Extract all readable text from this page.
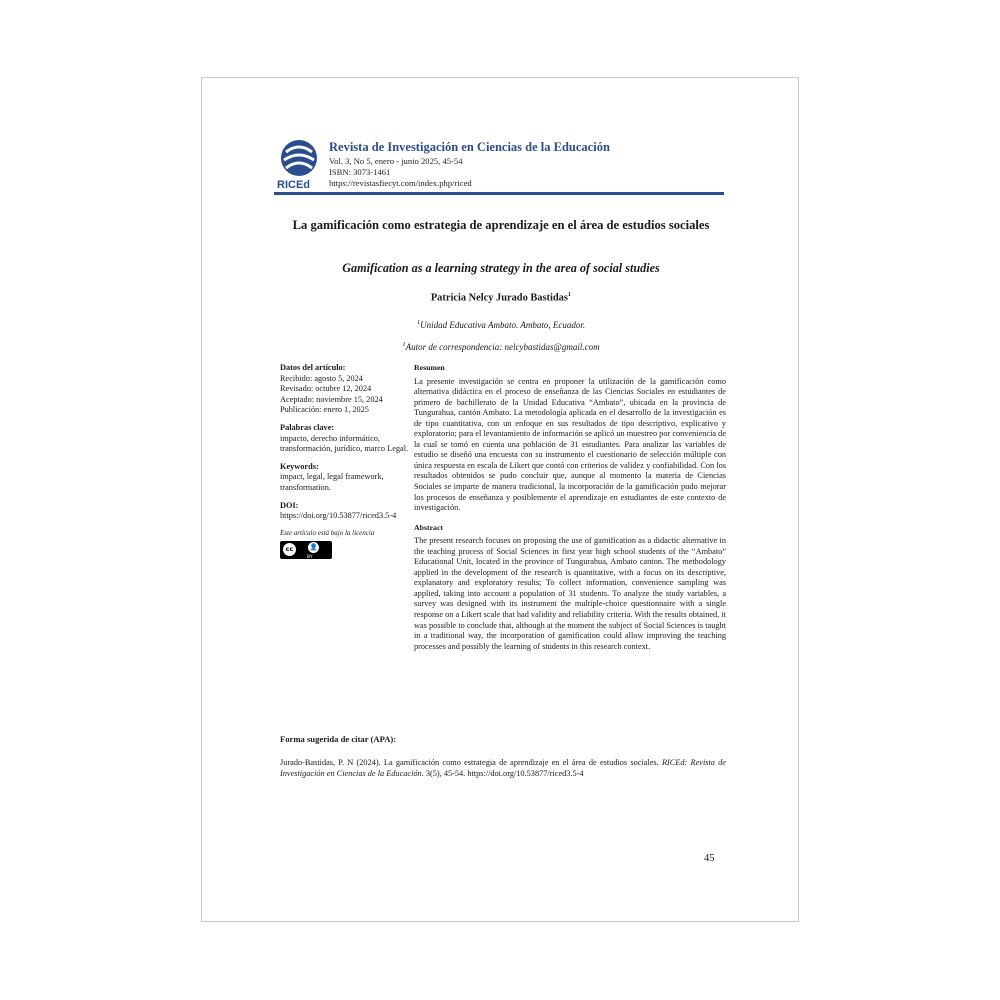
RICEd
Revista de Investigación en Ciencias de la Educación
Vol. 3, No 5, enero - junio 2025, 45-54
ISBN: 3073-1461
https://revistasfiecyt.com/index.php/riced
La gamificación como estrategia de aprendizaje en el área de estudios sociales
Gamification as a learning strategy in the area of social studies
Patricia Nelcy Jurado Bastidas$^1$
$^1$Unidad Educativa Ambato. Ambato, Ecuador.
$^1$Autor de correspondencia: nelcybastidas@gmail.com
Datos del artículo:
Recibido: agosto 5, 2024
Revisado: octubre 12, 2024
Aceptado: noviembre 15, 2024
Publicación: enero 1, 2025
Palabras clave:
impacto, derecho informático, transformación, jurídico, marco Legal.
Keywords:
impact, legal, legal framework, transformation.
DOI:
https://doi.org/10.53877/riced3.5-4
Este artículo está bajo la licencia
cc	👤
BY
Resumen
La presente investigación se centra en proponer la utilización de la gamificación como alternativa didáctica en el proceso de enseñanza de las Ciencias Sociales en estudiantes de primero de bachillerato de la Unidad Educativa “Ambato”, ubicada en la provincia de Tungurahua, cantón Ambato. La metodología aplicada en el desarrollo de la investigación es de tipo cuantitativa, con un enfoque en sus resultados de tipo descriptivo, explicativo y exploratorio; para el levantamiento de información se aplicó un muestreo por conveniencia de la cual se tomó en cuenta una población de 31 estudiantes. Para analizar las variables de estudio se diseñó una encuesta con su instrumento el cuestionario de selección múltiple con única respuesta en escala de Likert que contó con criterios de validez y confiabilidad. Con los resultados obtenidos se pudo concluir que, aunque al momento la materia de Ciencias Sociales se imparte de manera tradicional, la incorporación de la gamificación pudo mejorar los procesos de enseñanza y posiblemente el aprendizaje en estudiantes de este contexto de investigación.
Abstract
The present research focuses on proposing the use of gamification as a didactic alternative in the teaching process of Social Sciences in first year high school students of the “Ambato” Educational Unit, located in the province of Tungurahua, Ambato canton. The methodology applied in the development of the research is quantitative, with a focus on its descriptive, explanatory and exploratory results; To collect information, convenience sampling was applied, taking into account a population of 31 students. To analyze the study variables, a survey was designed with its instrument the multiple-choice questionnaire with a single response on a Likert scale that had validity and reliability criteria. With the results obtained, it was possible to conclude that, although at the moment the subject of Social Sciences is taught in a traditional way, the incorporation of gamification could allow improving the teaching processes and possibly the learning of students in this research context.
Forma sugerida de citar (APA):
Jurado-Bastidas, P. N (2024). La gamificación como estrategia de aprendizaje en el área de estudios sociales. RICEd: Revista de Investigación en Ciencias de la Educación. 3(5), 45-54. https://doi.org/10.53877/riced3.5-4
45
